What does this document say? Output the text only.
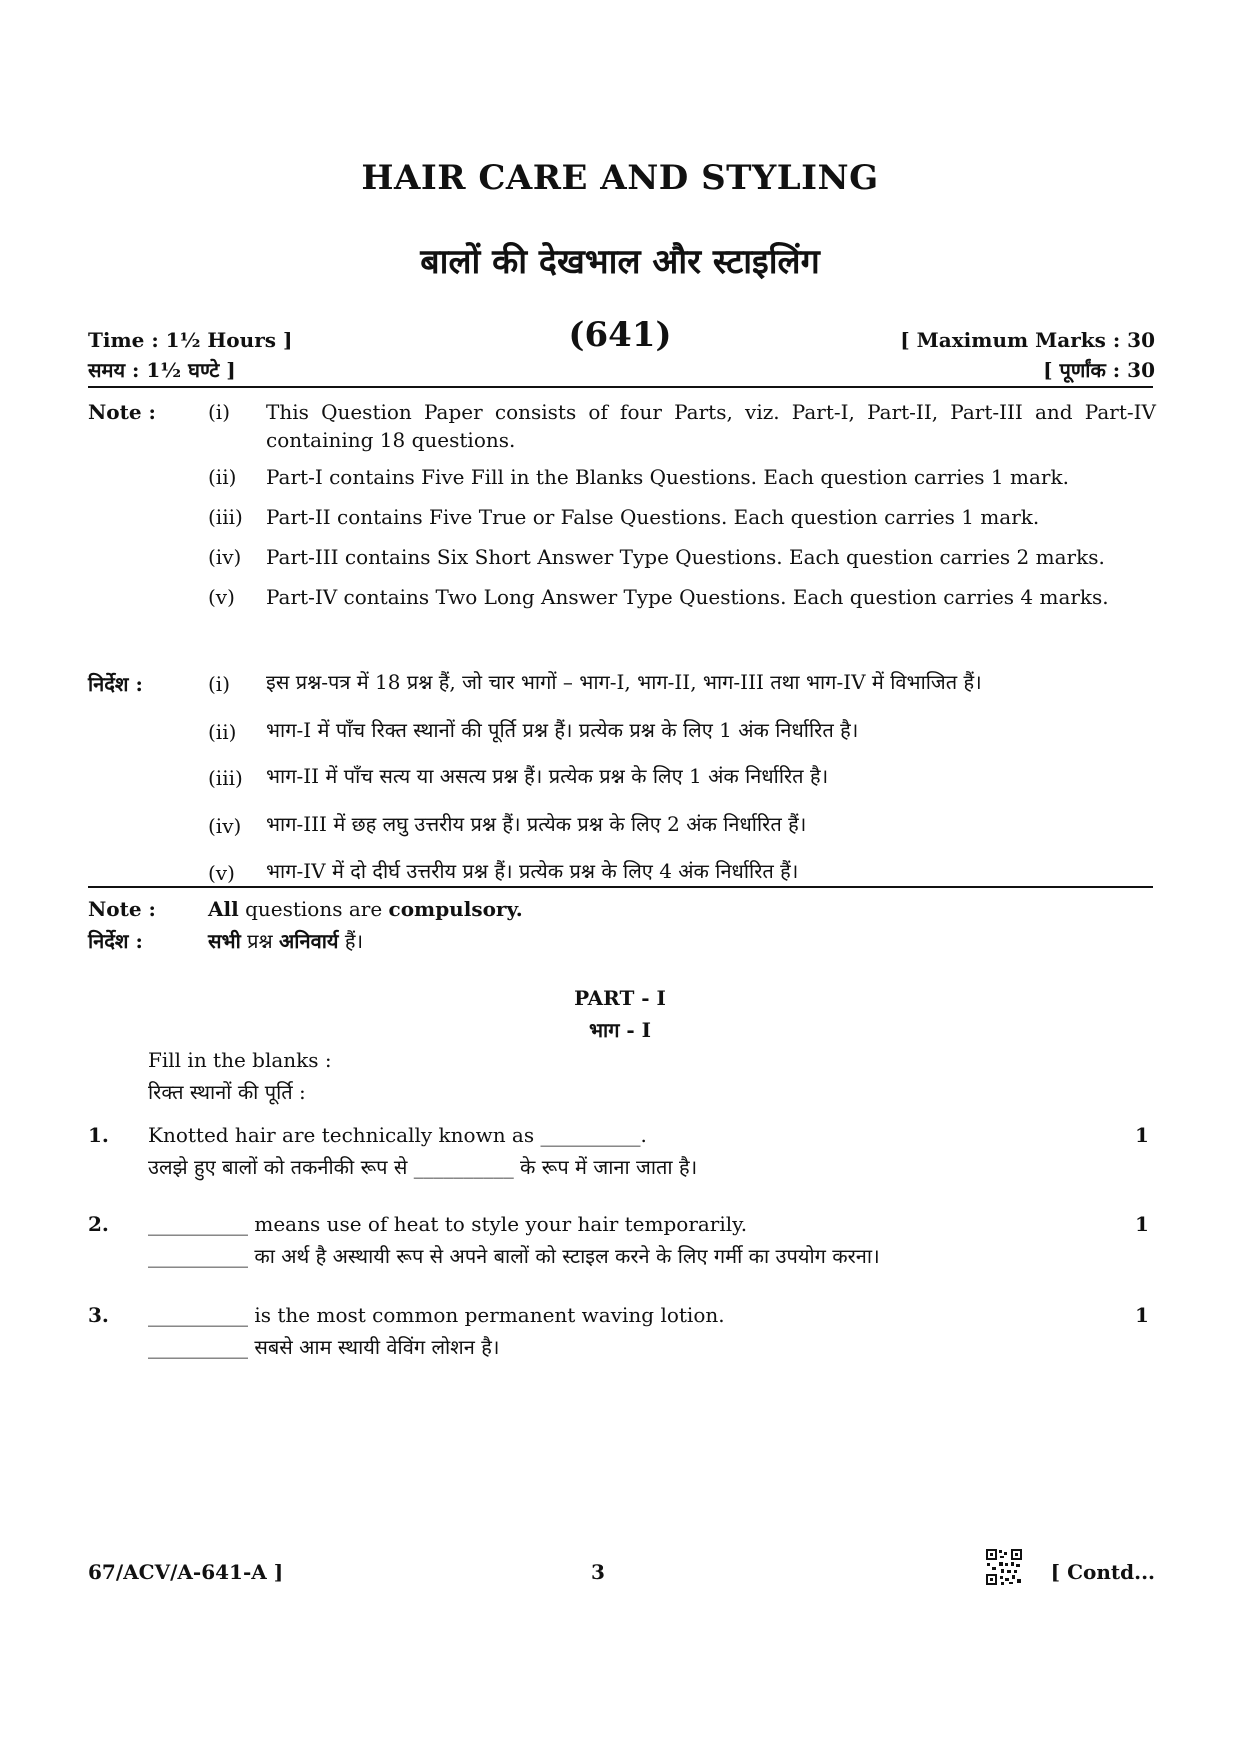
HAIR CARE AND STYLING
बालों की देखभाल और स्टाइलिंग
(641)
Time : 1½ Hours ]
समय : 1½ घण्टे ]
[ Maximum Marks : 30
[ पूर्णांक : 30
Note :	(i) This Question Paper consists of four Parts, viz. Part-I, Part-II, Part-III and Part-IV containing 18 questions.
(ii) Part-I contains Five Fill in the Blanks Questions. Each question carries 1 mark.
(iii) Part-II contains Five True or False Questions. Each question carries 1 mark.
(iv) Part-III contains Six Short Answer Type Questions. Each question carries 2 marks.
(v) Part-IV contains Two Long Answer Type Questions. Each question carries 4 marks.
निर्देश :	(i) इस प्रश्न-पत्र में 18 प्रश्न हैं, जो चार भागों – भाग-I, भाग-II, भाग-III तथा भाग-IV में विभाजित हैं।
(ii) भाग-I में पाँच रिक्त स्थानों की पूर्ति प्रश्न हैं। प्रत्येक प्रश्न के लिए 1 अंक निर्धारित है।
(iii) भाग-II में पाँच सत्य या असत्य प्रश्न हैं। प्रत्येक प्रश्न के लिए 1 अंक निर्धारित है।
(iv) भाग-III में छह लघु उत्तरीय प्रश्न हैं। प्रत्येक प्रश्न के लिए 2 अंक निर्धारित हैं।
(v) भाग-IV में दो दीर्घ उत्तरीय प्रश्न हैं। प्रत्येक प्रश्न के लिए 4 अंक निर्धारित हैं।
Note :	All questions are compulsory.
निर्देश :	सभी प्रश्न अनिवार्य हैं।
PART - I
भाग - I
Fill in the blanks :
रिक्त स्थानों की पूर्ति :
1. Knotted hair are technically known as __________.	1
उलझे हुए बालों को तकनीकी रूप से __________ के रूप में जाना जाता है।
2. __________ means use of heat to style your hair temporarily.	1
__________ का अर्थ है अस्थायी रूप से अपने बालों को स्टाइल करने के लिए गर्मी का उपयोग करना।
3. __________ is the most common permanent waving lotion.	1
__________ सबसे आम स्थायी वेविंग लोशन है।
67/ACV/A-641-A ]	3	[ Contd...
